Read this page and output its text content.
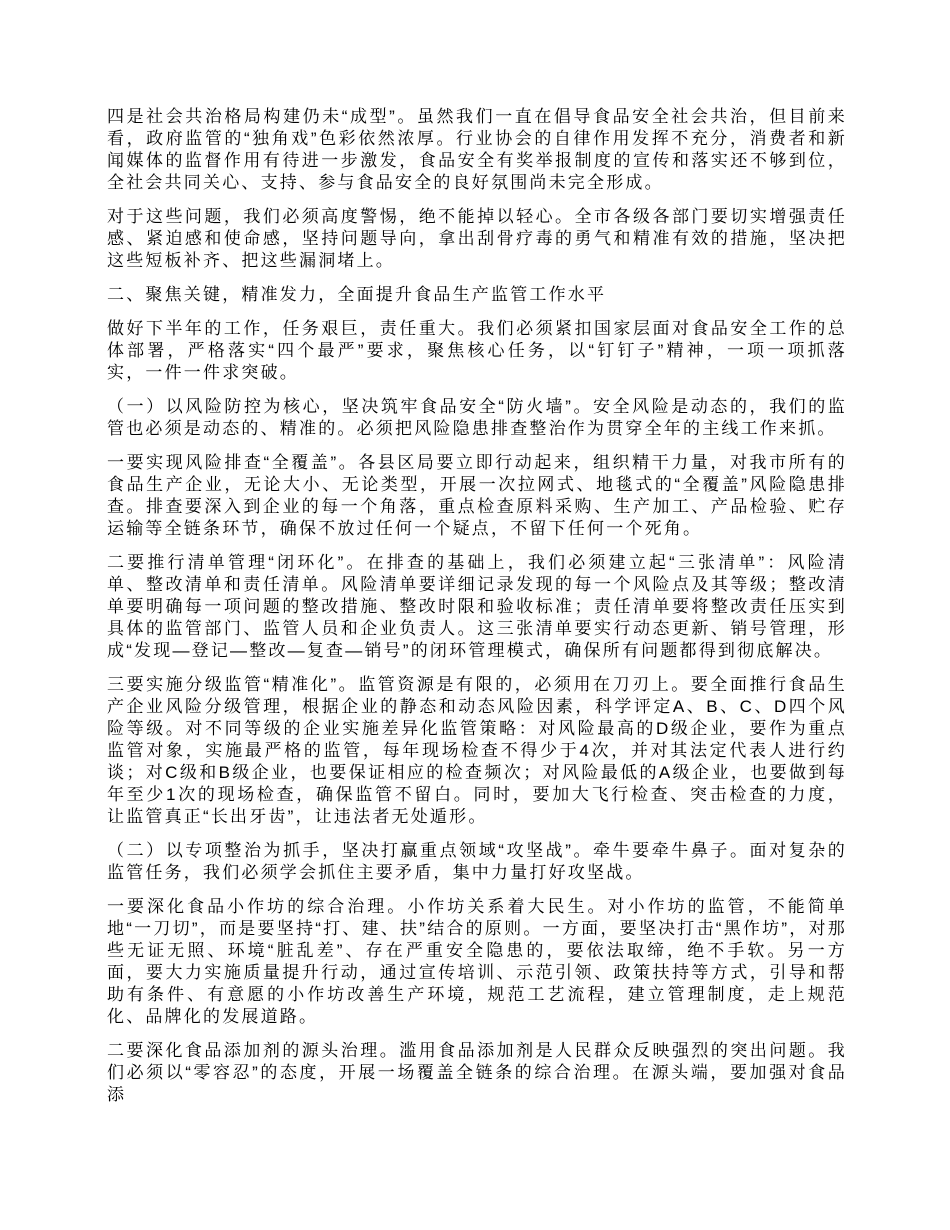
四是社会共治格局构建仍未“成型”。虽然我们一直在倡导食品安全社会共治，但目前来看，政府监管的“独角戏”色彩依然浓厚。行业协会的自律作用发挥不充分，消费者和新闻媒体的监督作用有待进一步激发，食品安全有奖举报制度的宣传和落实还不够到位，全社会共同关心、支持、参与食品安全的良好氛围尚未完全形成。

对于这些问题，我们必须高度警惕，绝不能掉以轻心。全市各级各部门要切实增强责任感、紧迫感和使命感，坚持问题导向，拿出刮骨疗毒的勇气和精准有效的措施，坚决把这些短板补齐、把这些漏洞堵上。

二、聚焦关键，精准发力，全面提升食品生产监管工作水平

做好下半年的工作，任务艰巨，责任重大。我们必须紧扣国家层面对食品安全工作的总体部署，严格落实“四个最严”要求，聚焦核心任务，以“钉钉子”精神，一项一项抓落实，一件一件求突破。

（一）以风险防控为核心，坚决筑牢食品安全“防火墙”。安全风险是动态的，我们的监管也必须是动态的、精准的。必须把风险隐患排查整治作为贯穿全年的主线工作来抓。

一要实现风险排查“全覆盖”。各县区局要立即行动起来，组织精干力量，对我市所有的食品生产企业，无论大小、无论类型，开展一次拉网式、地毯式的“全覆盖”风险隐患排查。排查要深入到企业的每一个角落，重点检查原料采购、生产加工、产品检验、贮存运输等全链条环节，确保不放过任何一个疑点，不留下任何一个死角。

二要推行清单管理“闭环化”。在排查的基础上，我们必须建立起“三张清单”：风险清单、整改清单和责任清单。风险清单要详细记录发现的每一个风险点及其等级；整改清单要明确每一项问题的整改措施、整改时限和验收标准；责任清单要将整改责任压实到具体的监管部门、监管人员和企业负责人。这三张清单要实行动态更新、销号管理，形成“发现—登记—整改—复查—销号”的闭环管理模式，确保所有问题都得到彻底解决。

三要实施分级监管“精准化”。监管资源是有限的，必须用在刀刃上。要全面推行食品生产企业风险分级管理，根据企业的静态和动态风险因素，科学评定A、B、C、D四个风险等级。对不同等级的企业实施差异化监管策略：对风险最高的D级企业，要作为重点监管对象，实施最严格的监管，每年现场检查不得少于4次，并对其法定代表人进行约谈；对C级和B级企业，也要保证相应的检查频次；对风险最低的A级企业，也要做到每年至少1次的现场检查，确保监管不留白。同时，要加大飞行检查、突击检查的力度，让监管真正“长出牙齿”，让违法者无处遁形。

（二）以专项整治为抓手，坚决打赢重点领域“攻坚战”。牵牛要牵牛鼻子。面对复杂的监管任务，我们必须学会抓住主要矛盾，集中力量打好攻坚战。

一要深化食品小作坊的综合治理。小作坊关系着大民生。对小作坊的监管，不能简单地“一刀切”，而是要坚持“打、建、扶”结合的原则。一方面，要坚决打击“黑作坊”，对那些无证无照、环境“脏乱差”、存在严重安全隐患的，要依法取缔，绝不手软。另一方面，要大力实施质量提升行动，通过宣传培训、示范引领、政策扶持等方式，引导和帮助有条件、有意愿的小作坊改善生产环境，规范工艺流程，建立管理制度，走上规范化、品牌化的发展道路。

二要深化食品添加剂的源头治理。滥用食品添加剂是人民群众反映强烈的突出问题。我们必须以“零容忍”的态度，开展一场覆盖全链条的综合治理。在源头端，要加强对食品添
